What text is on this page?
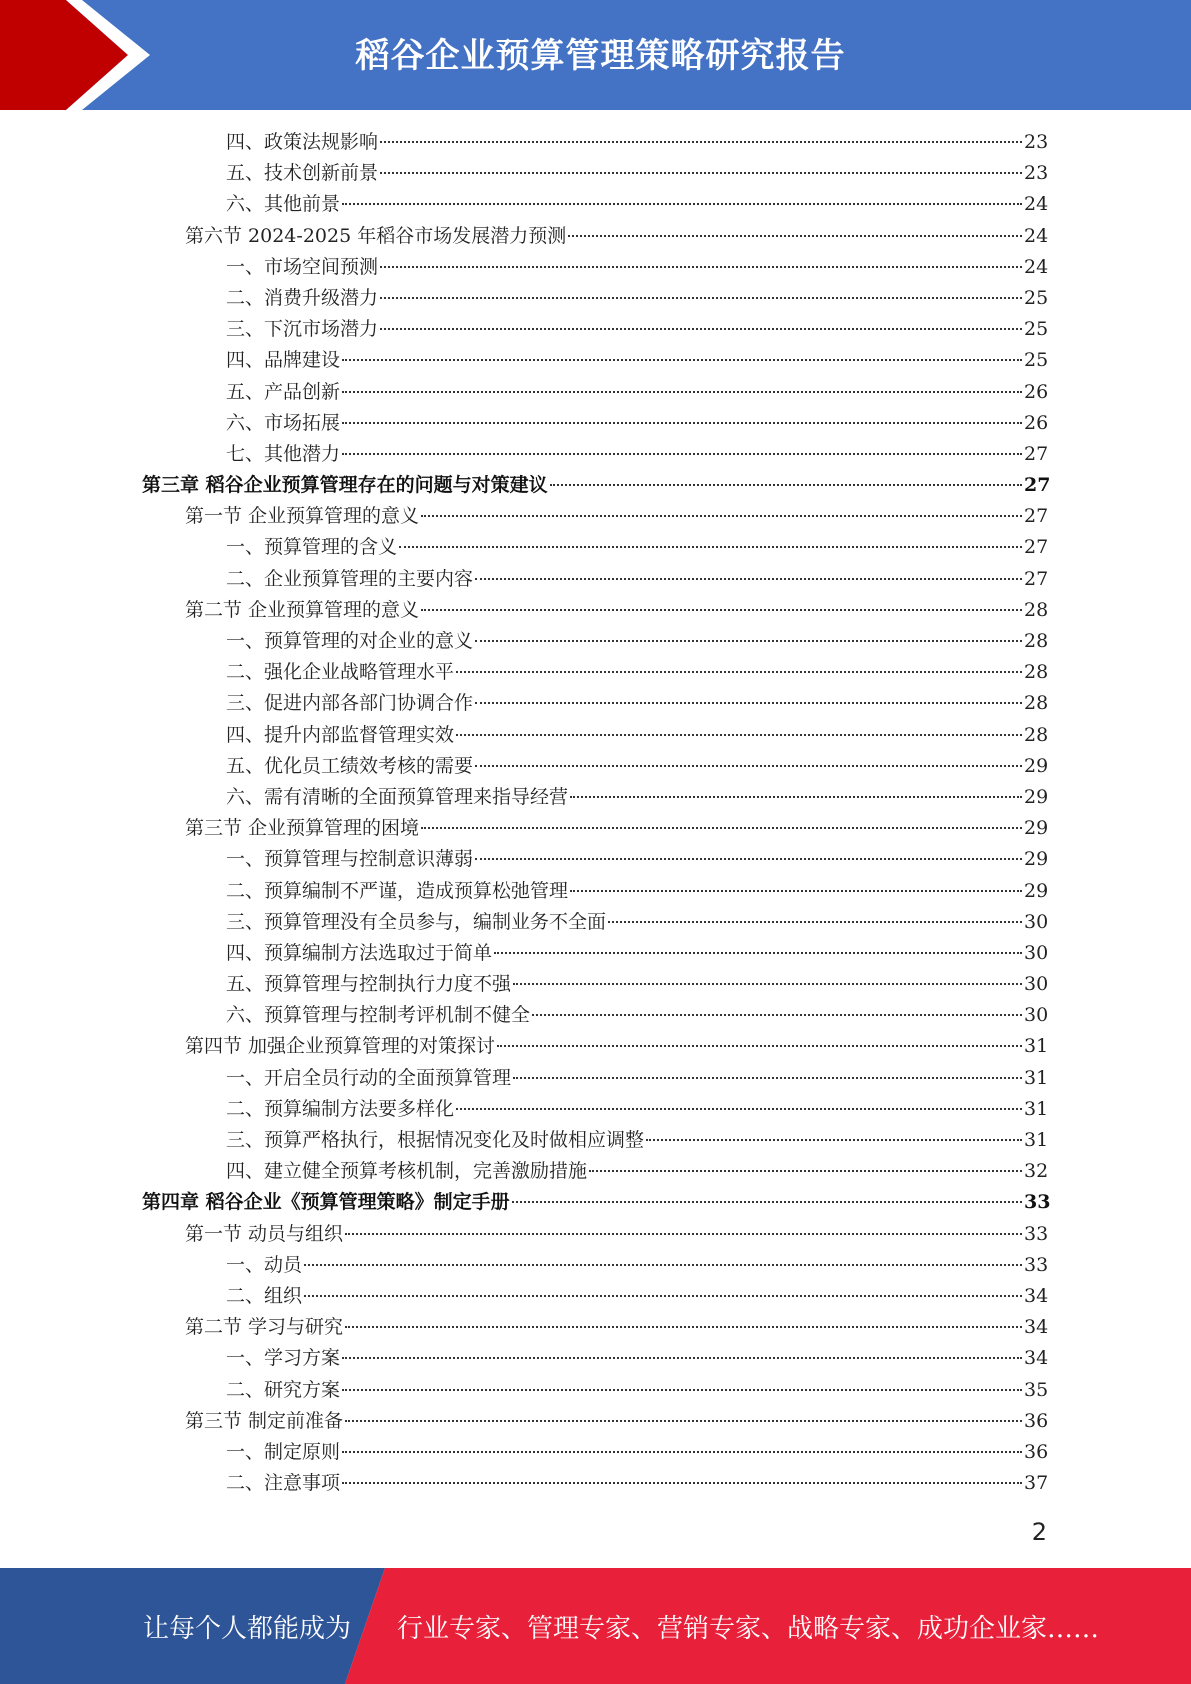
稻谷企业预算管理策略研究报告
四、政策法规影响	23
五、技术创新前景	23
六、其他前景	24
第六节 2024-2025 年稻谷市场发展潜力预测	24
一、市场空间预测	24
二、消费升级潜力	25
三、下沉市场潜力	25
四、品牌建设	25
五、产品创新	26
六、市场拓展	26
七、其他潜力	27
第三章 稻谷企业预算管理存在的问题与对策建议	27
第一节 企业预算管理的意义	27
一、预算管理的含义	27
二、企业预算管理的主要内容	27
第二节 企业预算管理的意义	28
一、预算管理的对企业的意义	28
二、强化企业战略管理水平	28
三、促进内部各部门协调合作	28
四、提升内部监督管理实效	28
五、优化员工绩效考核的需要	29
六、需有清晰的全面预算管理来指导经营	29
第三节 企业预算管理的困境	29
一、预算管理与控制意识薄弱	29
二、预算编制不严谨，造成预算松弛管理	29
三、预算管理没有全员参与，编制业务不全面	30
四、预算编制方法选取过于简单	30
五、预算管理与控制执行力度不强	30
六、预算管理与控制考评机制不健全	30
第四节 加强企业预算管理的对策探讨	31
一、开启全员行动的全面预算管理	31
二、预算编制方法要多样化	31
三、预算严格执行，根据情况变化及时做相应调整	31
四、建立健全预算考核机制，完善激励措施	32
第四章 稻谷企业《预算管理策略》制定手册	33
第一节 动员与组织	33
一、动员	33
二、组织	34
第二节 学习与研究	34
一、学习方案	34
二、研究方案	35
第三节 制定前准备	36
一、制定原则	36
二、注意事项	37
2
让每个人都能成为 行业专家、管理专家、营销专家、战略专家、成功企业家……
